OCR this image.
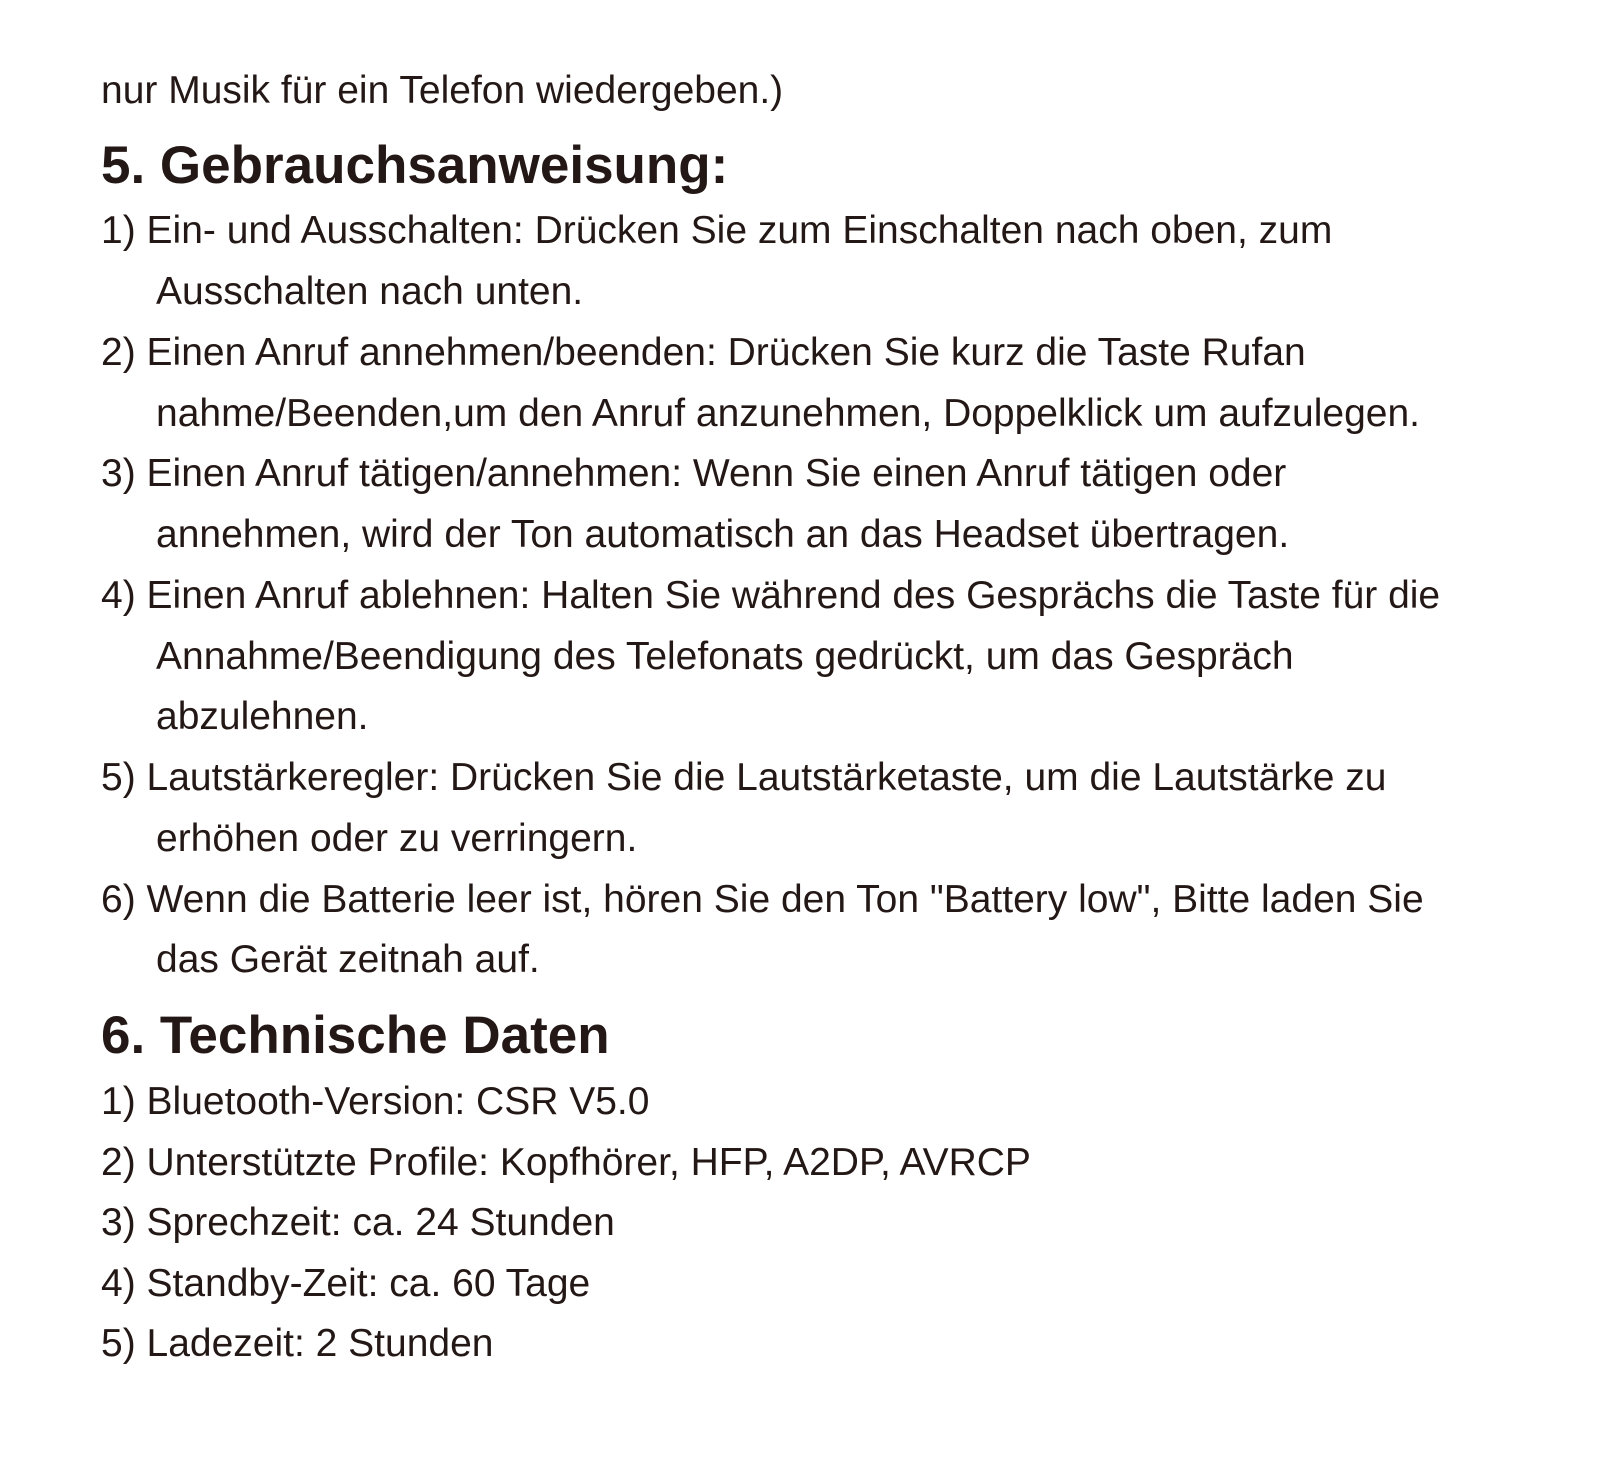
nur Musik für ein Telefon wiedergeben.)

5. Gebrauchsanweisung:

1) Ein- und Ausschalten: Drücken Sie zum Einschalten nach oben, zum

Ausschalten nach unten.

2) Einen Anruf annehmen/beenden: Drücken Sie kurz die Taste Rufan

nahme/Beenden,um den Anruf anzunehmen, Doppelklick um aufzulegen.

3) Einen Anruf tätigen/annehmen: Wenn Sie einen Anruf tätigen oder

annehmen, wird der Ton automatisch an das Headset übertragen.

4) Einen Anruf ablehnen: Halten Sie während des Gesprächs die Taste für die

Annahme/Beendigung des Telefonats gedrückt, um das Gespräch

abzulehnen.

5) Lautstärkeregler: Drücken Sie die Lautstärketaste, um die Lautstärke zu

erhöhen oder zu verringern.

6) Wenn die Batterie leer ist, hören Sie den Ton "Battery low", Bitte laden Sie

das Gerät zeitnah auf.

6. Technische Daten

1) Bluetooth-Version: CSR V5.0

2) Unterstützte Profile: Kopfhörer, HFP, A2DP, AVRCP

3) Sprechzeit: ca. 24 Stunden

4) Standby-Zeit: ca. 60 Tage

5) Ladezeit: 2 Stunden
